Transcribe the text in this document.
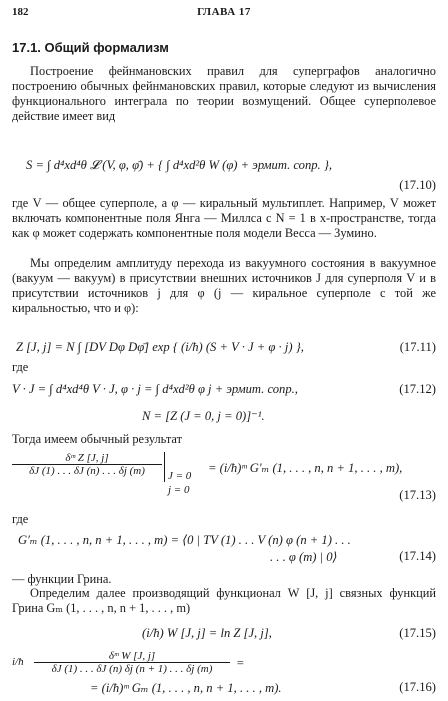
182	ГЛАВА 17
17.1. Общий формализм

Построение фейнмановских правил для суперграфов аналогично построению обычных фейнмановских правил, которые следуют из вычисления функционального интеграла по теории возмущений. Общее суперполевое действие имеет вид

S = ∫ d⁴xd⁴θ 𝓛 (V, φ, φ̄) + { ∫ d⁴xd²θ W (φ) + эрмит. сопр. },
(17.10)

где V — общее суперполе, а φ — киральный мультиплет. Например, V может включать компонентные поля Янга — Миллса с N = 1 в x-пространстве, тогда как φ может содержать компонентные поля модели Весса — Зумино.

Мы определим амплитуду перехода из вакуумного состояния в вакуумное (вакуум — вакуум) в присутствии внешних источников J для суперполя V и в присутствии источников j для φ (j — киральное суперполе с той же киральностью, что и φ):

Z [J, j] = N ∫ [DV Dφ Dφ̄] exp { (i/ħ) (S + V · J + φ · j) },	(17.11)
где
V · J = ∫ d⁴xd⁴θ V · J, φ · j = ∫ d⁴xd²θ φ j + эрмит. сопр.,	(17.12)
N = [Z (J = 0, j = 0)]⁻¹.
Тогда имеем обычный результат
$\frac{\text{δᵐ Z [J, j]}}{\delta J (1) . . . \delta J (n) . . . \delta j (m)}$ J = 0
j = 0
= (i/ħ)ᵐ G′ₘ (1, . . . , n, n + 1, . . . , m),
(17.13)
где
G′ₘ (1, . . . , n, n + 1, . . . , m) = ⟨0 | TV (1) . . . V (n) φ (n + 1) . . .
. . . φ (m) | 0⟩	(17.14)
— функции Грина.

Определим далее производящий функционал W [J, j] связных функций Грина Gₘ (1, . . . , n, n + 1, . . . , m)

(i/ħ) W [J, j] = ln Z [J, j],	(17.15)
i/ħ $\frac{\text{δᵐ W [J, j]}}{\delta J (1) . . . \delta J (n) \delta j (n + 1) . . . \delta j (m)}$ =
= (i/ħ)ᵐ Gₘ (1, . . . , n, n + 1, . . . , m).	(17.16)
